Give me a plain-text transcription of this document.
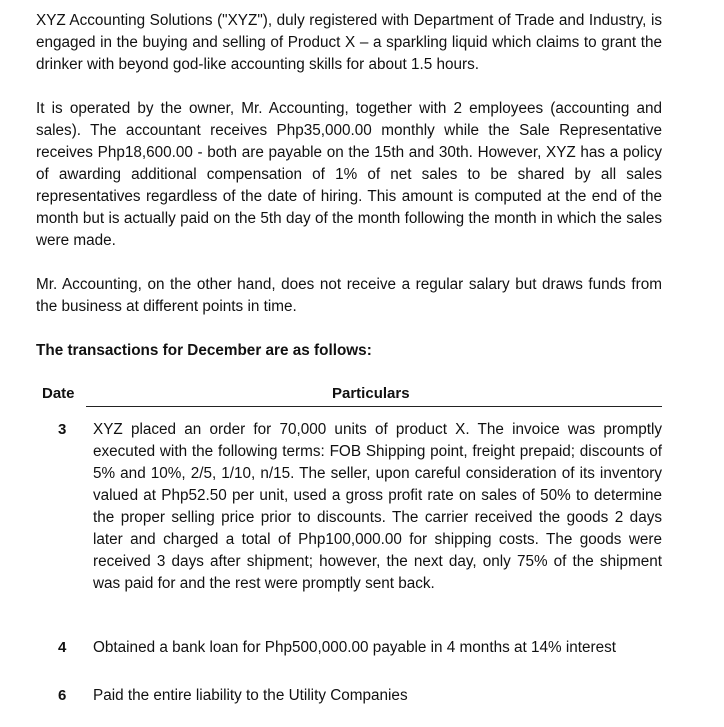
XYZ Accounting Solutions ("XYZ"), duly registered with Department of Trade and Industry, is engaged in the buying and selling of Product X – a sparkling liquid which claims to grant the drinker with beyond god-like accounting skills for about 1.5 hours.

It is operated by the owner, Mr. Accounting, together with 2 employees (accounting and sales). The accountant receives Php35,000.00 monthly while the Sale Representative receives Php18,600.00 - both are payable on the 15th and 30th. However, XYZ has a policy of awarding additional compensation of 1% of net sales to be shared by all sales representatives regardless of the date of hiring. This amount is computed at the end of the month but is actually paid on the 5th day of the month following the month in which the sales were made.

Mr. Accounting, on the other hand, does not receive a regular salary but draws funds from the business at different points in time.

The transactions for December are as follows:
Date	Particulars
3 XYZ placed an order for 70,000 units of product X. The invoice was promptly executed with the following terms: FOB Shipping point, freight prepaid; discounts of 5% and 10%, 2/5, 1/10, n/15. The seller, upon careful consideration of its inventory valued at Php52.50 per unit, used a gross profit rate on sales of 50% to determine the proper selling price prior to discounts. The carrier received the goods 2 days later and charged a total of Php100,000.00 for shipping costs. The goods were received 3 days after shipment; however, the next day, only 75% of the shipment was paid for and the rest were promptly sent back.
4 Obtained a bank loan for Php500,000.00 payable in 4 months at 14% interest
6 Paid the entire liability to the Utility Companies
